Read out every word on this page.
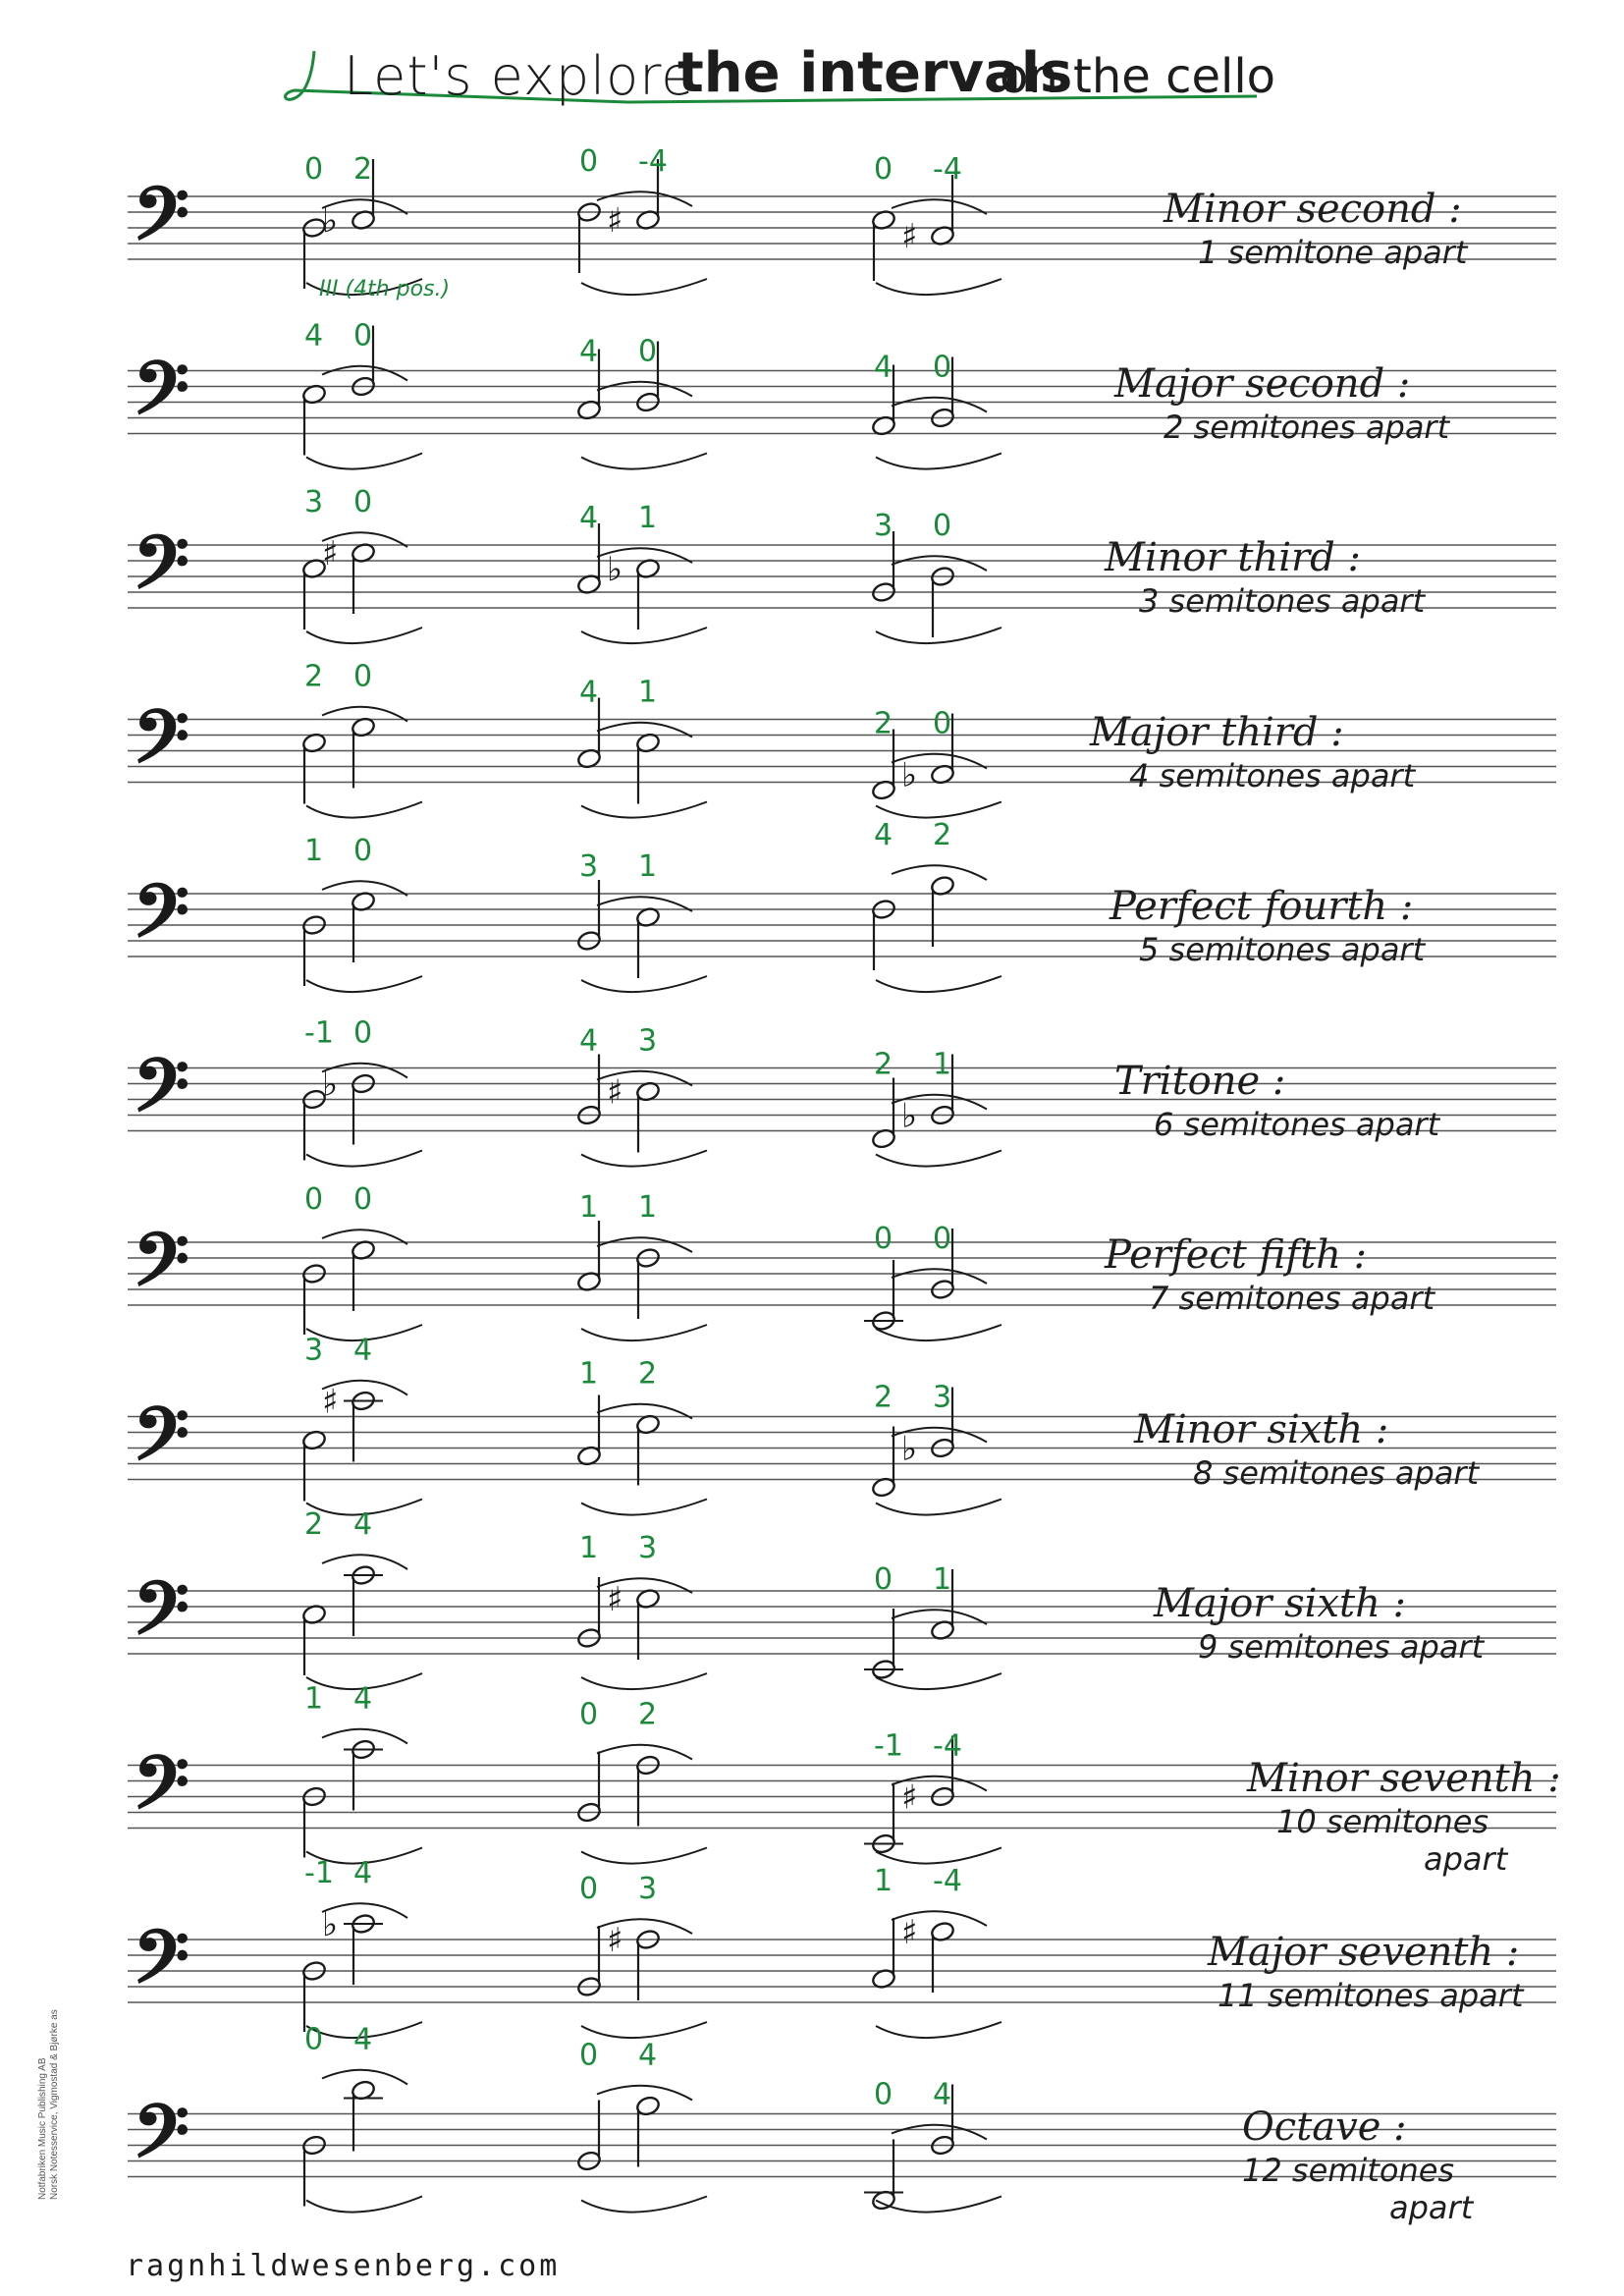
𝄢
0
♭
2	0
♯
-4	0
♯
-4
𝄢
4 0	4 0	4 0
𝄢
3
♯
0	4
♭
1	3 0
𝄢
2 0	4 1
2
♭
0
𝄢
1 0	3 1
4 2
𝄢
-1
♭
0	4
♯
3
2
♭
1
𝄢
0 0	1 1
0 0
𝄢
3
♯
4
1 2
2
♭
3
𝄢
2 4
1
♯
3
0 1
𝄢
1 4	0 2
-1
♯
-4
𝄢
-1
♭
4	0
♯
3	1
♯
-4
𝄢
0 4	0 4
0 4
Let's explore
the intervals
on the cello
III (4th pos.)
Minor second :
1 semitone apart
Major second :
2 semitones apart
Minor third :
3 semitones apart
Major third :
4 semitones apart
Perfect fourth :
5 semitones apart
Tritone :
6 semitones apart
Perfect fifth :
7 semitones apart
Minor sixth :
8 semitones apart
Major sixth :
9 semitones apart
Minor seventh :
10 semitones
apart
Major seventh :
11 semitones apart
Octave :
12 semitones
apart
Notfabriken Music Publishing AB Norsk Notesservice, Vigmostad & Bjørke as
ragnhildwesenberg.com
